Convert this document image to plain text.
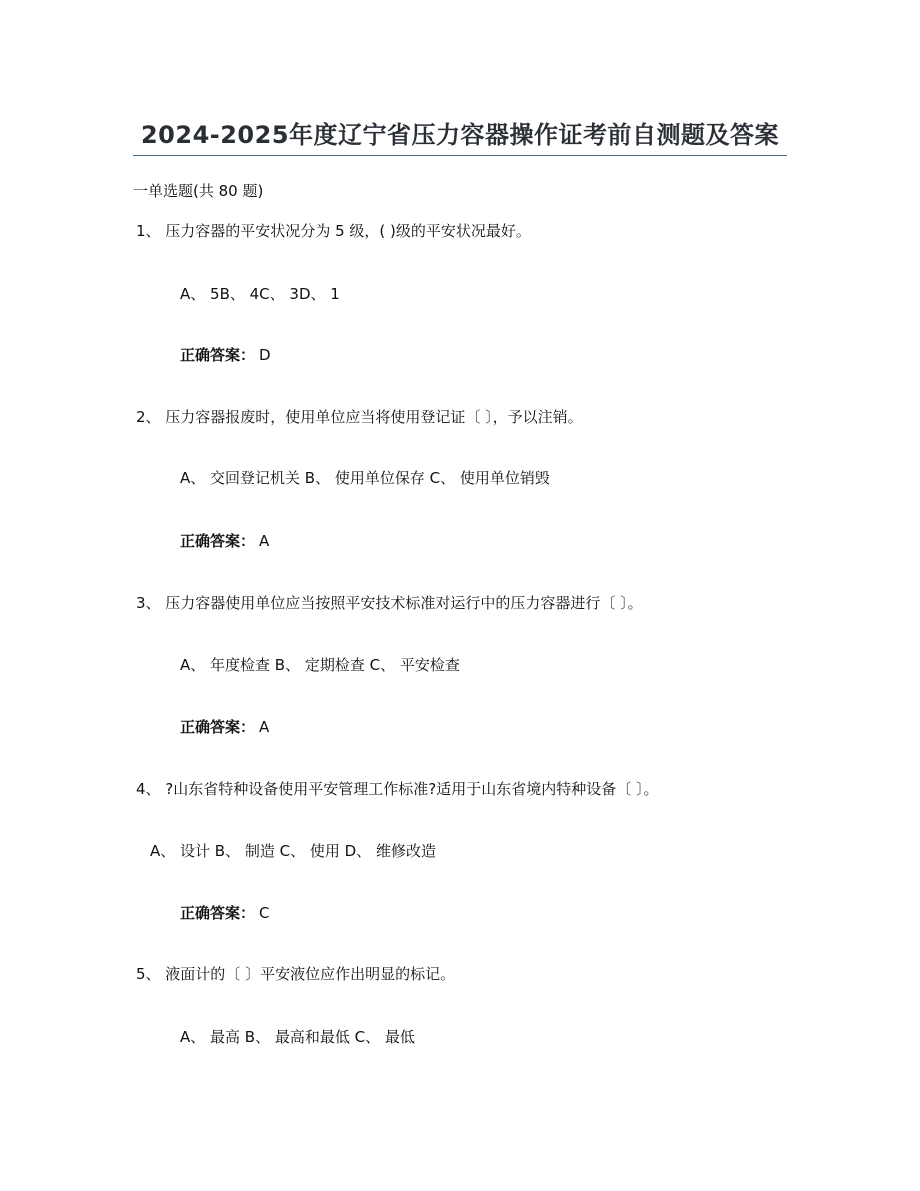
2024-2025年度辽宁省压力容器操作证考前自测题及答案
一单选题(共 80 题)
1、 压力容器的平安状况分为 5 级，( )级的平安状况最好。
A、 5B、 4C、 3D、 1
正确答案： D
2、 压力容器报废时，使用单位应当将使用登记证〔 〕，予以注销。
A、 交回登记机关 B、 使用单位保存 C、 使用单位销毁
正确答案： A
3、 压力容器使用单位应当按照平安技术标准对运行中的压力容器进行〔 〕。
A、 年度检查 B、 定期检查 C、 平安检查
正确答案： A
4、 ?山东省特种设备使用平安管理工作标准?适用于山东省境内特种设备〔 〕。
A、 设计 B、 制造 C、 使用 D、 维修改造
正确答案： C
5、 液面计的〔 〕平安液位应作出明显的标记。
A、 最高 B、 最高和最低 C、 最低
